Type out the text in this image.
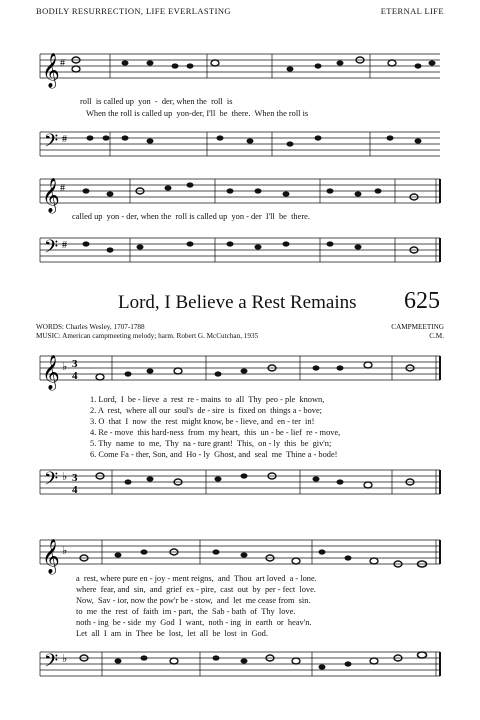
BODILY RESURRECTION, LIFE EVERLASTING	ETERNAL LIFE
𝄞 #
roll  is called up  yon  -  der, when the  roll  is
When the roll is called up  yon-der, I'll  be  there.  When the roll is
𝄢 #
𝄞 #
called up  yon - der, when the  roll is called up  yon - der  I'll  be  there.
𝄢 #
Lord, I Believe a Rest Remains 625
WORDS: Charles Wesley, 1707-1788
MUSIC: American campmeeting melody; harm. Robert G. McCutchan, 1935
CAMPMEETING
C.M.
𝄞 ♭ 3
4
1. Lord,  I  be - lieve  a  rest  re - mains  to  all  Thy  peo - ple  known,
2. A  rest,  where all our  soul's  de - sire  is  fixed on  things a - bove;
3. O  that  I  now  the  rest  might know, be - lieve, and  en - ter  in!
4. Re - move  this hard-ness  from  my heart,  this  un - be - lief  re - move,
5. Thy  name  to  me,  Thy  na - ture grant!  This,  on - ly  this  be  giv'n;
6. Come Fa - ther, Son, and  Ho - ly  Ghost, and  seal  me  Thine a - bode!
𝄢 ♭ 3
4
𝄞 ♭
a  rest, where pure en - joy - ment reigns,  and  Thou  art loved  a - lone.
where  fear, and  sin,  and  grief  ex - pire,  cast  out  by  per - fect  love.
Now,  Sav - ior, now the pow'r be - stow,  and  let  me cease from  sin.
to  me  the  rest  of  faith  im - part,  the  Sab - bath  of  Thy  love.
noth - ing  be - side  my  God  I  want,  noth - ing  in  earth  or  heav'n.
Let  all  I  am  in  Thee  be  lost,  let  all  be  lost  in  God.
𝄢 ♭
